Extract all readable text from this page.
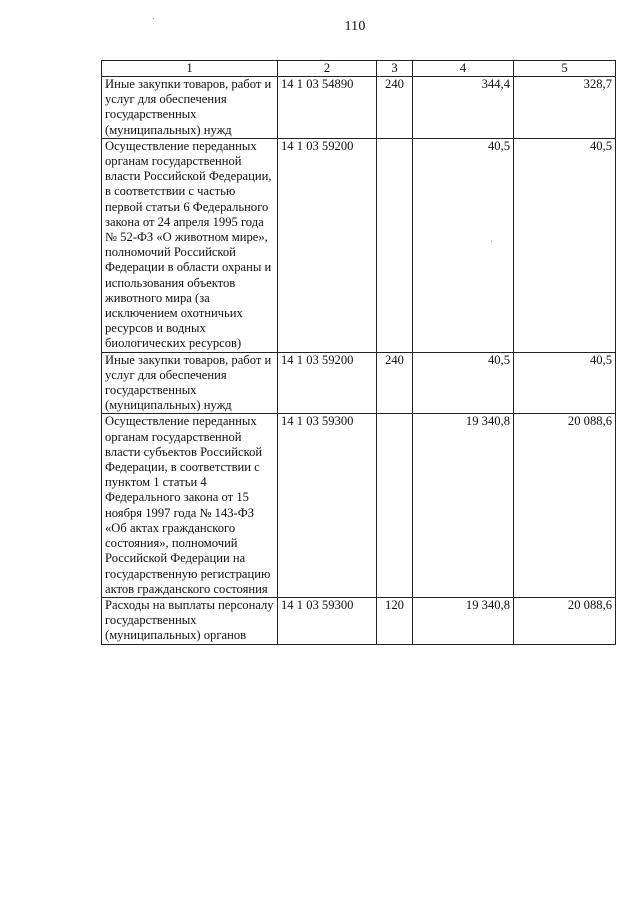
110
1	2	3	4	5
Иные закупки товаров, работ и услуг для обеспечения государственных (муниципальных) нужд	14 1 03 54890	240	344,4	328,7
Осуществление переданных органам государственной власти Российской Федерации, в соответствии с частью первой статьи 6 Федерального закона от 24 апреля 1995 года № 52-ФЗ «О животном мире», полномочий Российской Федерации в области охраны и использования объектов животного мира (за исключением охотничьих ресурсов и водных биологических ресурсов)	14 1 03 59200		40,5	40,5
Иные закупки товаров, работ и услуг для обеспечения государственных (муниципальных) нужд	14 1 03 59200	240	40,5	40,5
Осуществление переданных органам государственной власти субъектов Российской Федерации, в соответствии с пунктом 1 статьи 4 Федерального закона от 15 ноября 1997 года № 143-ФЗ «Об актах гражданского состояния», полномочий Российской Федерации на государственную регистрацию актов гражданского состояния	14 1 03 59300		19 340,8	20 088,6
Расходы на выплаты персоналу государственных (муниципальных) органов	14 1 03 59300	120	19 340,8	20 088,6
